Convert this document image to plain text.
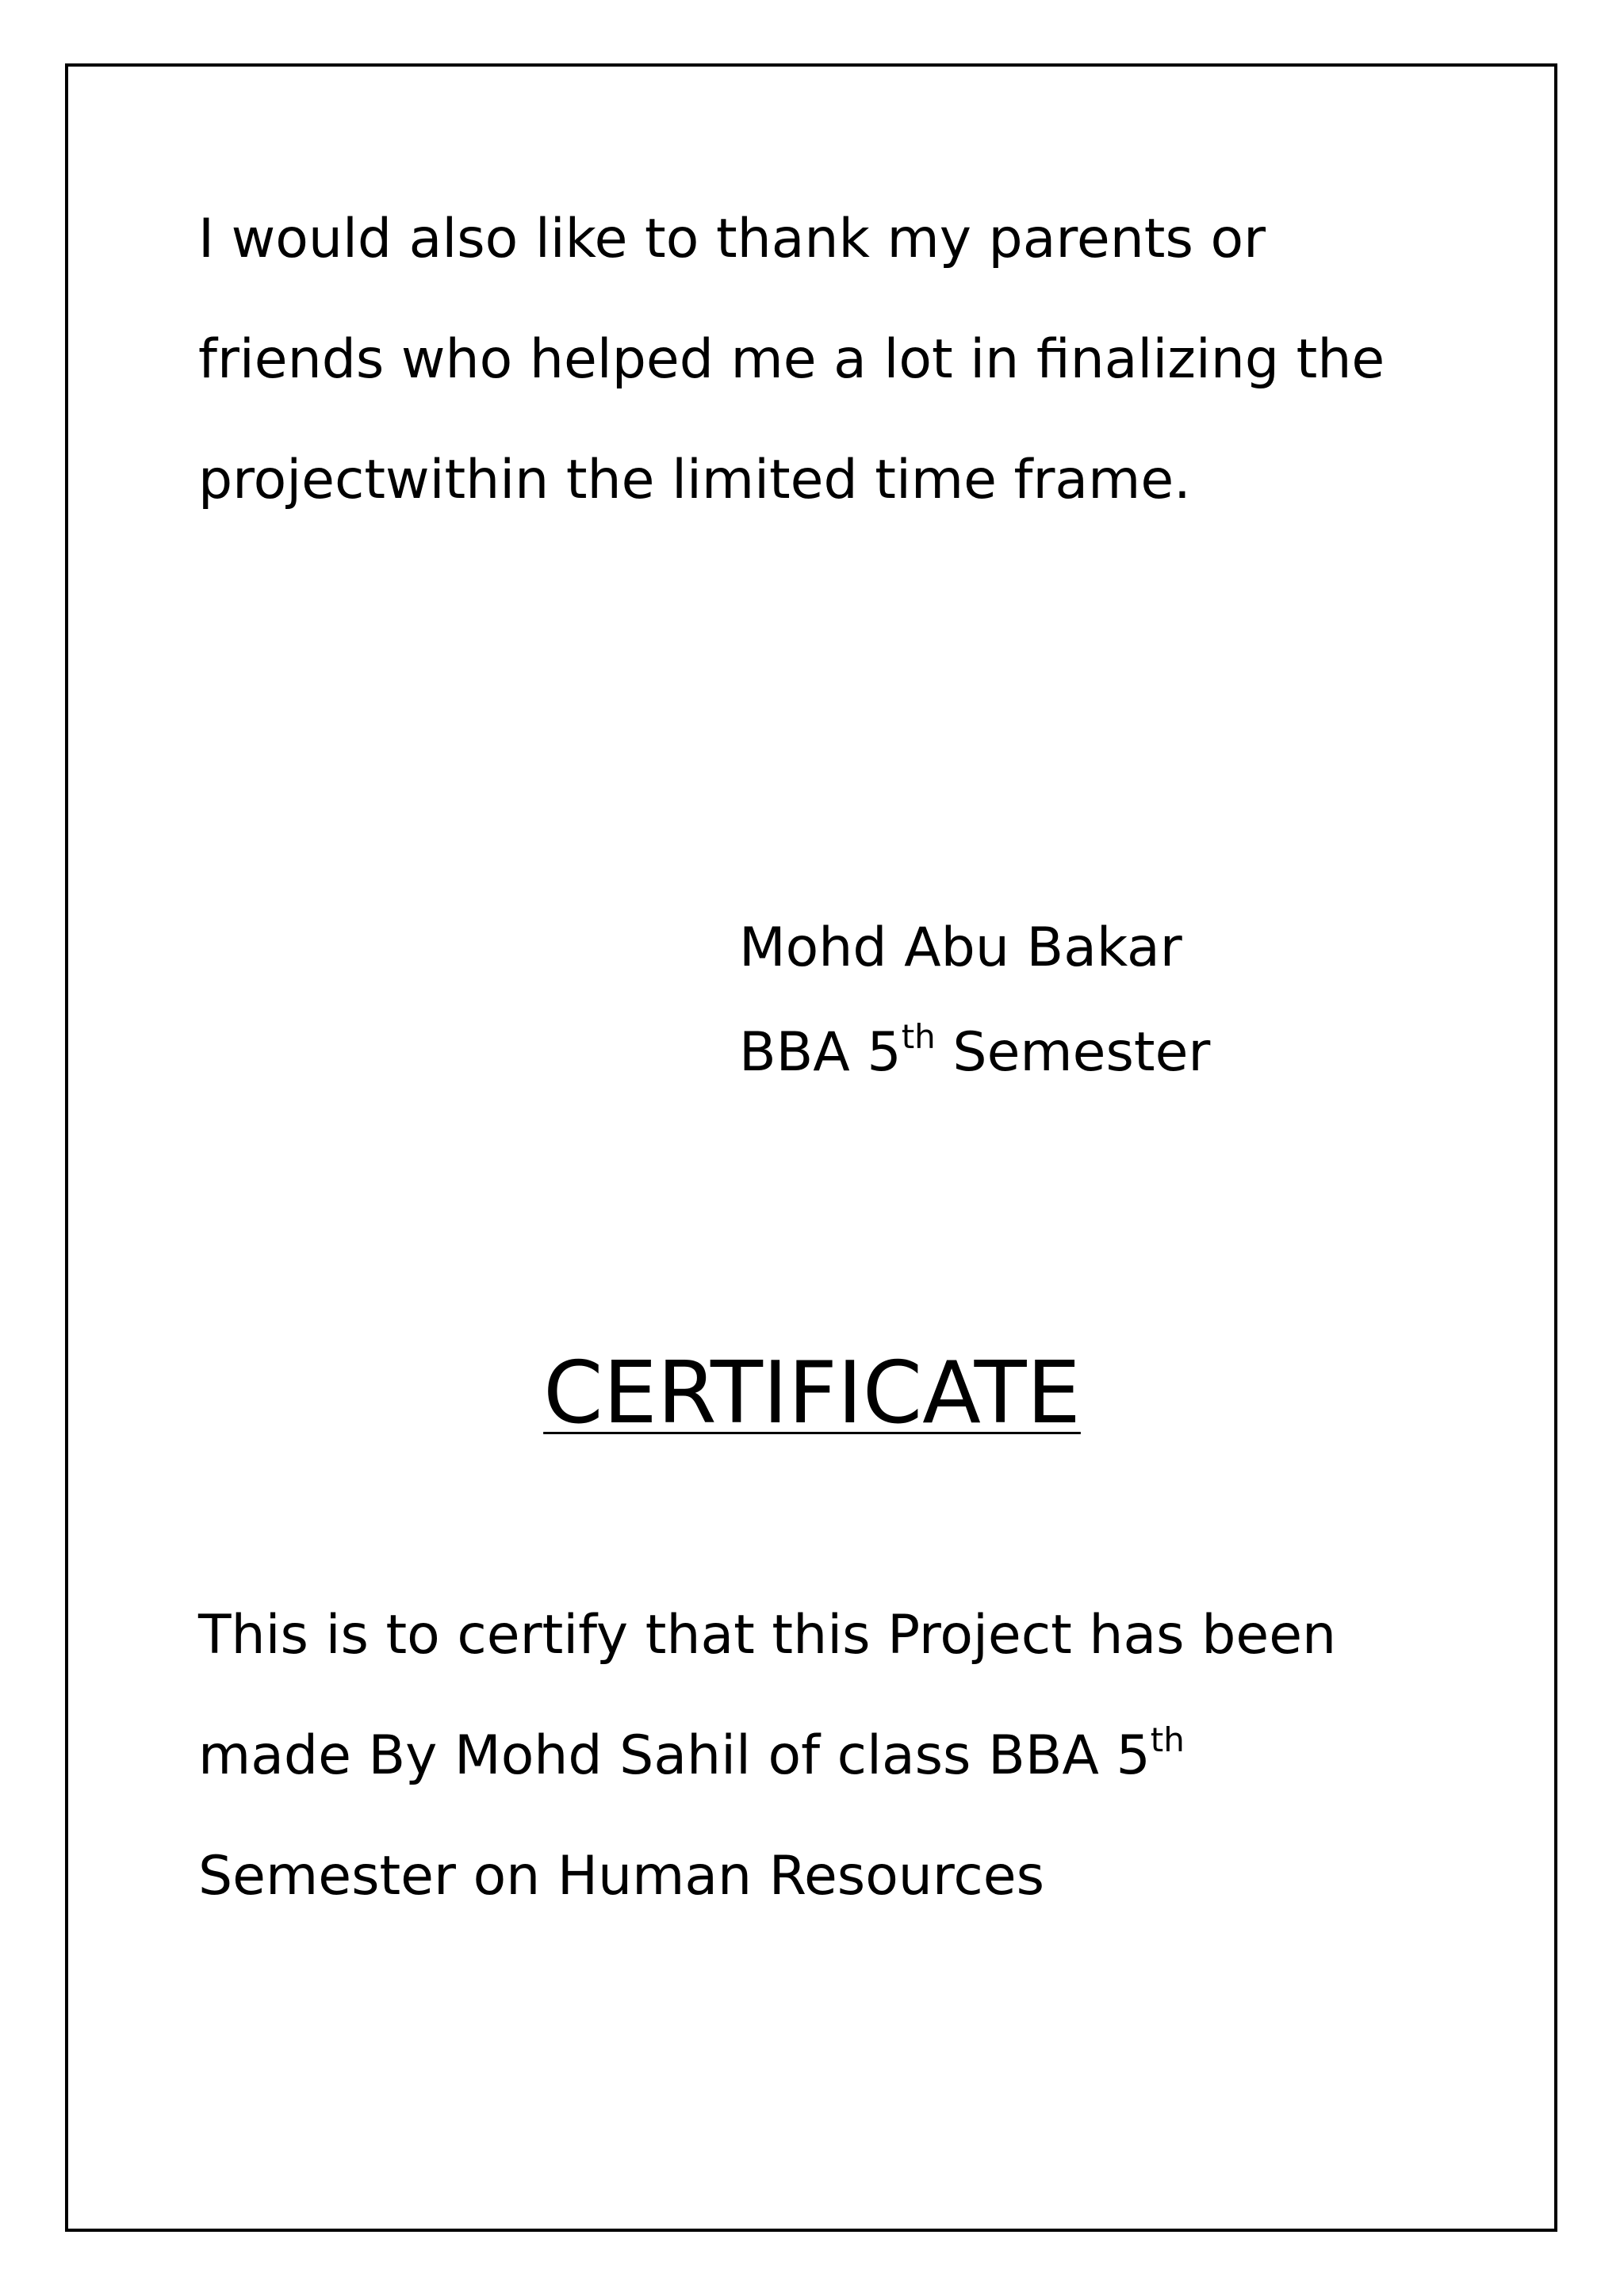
I would also like to thank my parents or
friends who helped me a lot in finalizing the
projectwithin the limited time frame.

Mohd Abu Bakar
BBA 5th Semester
CERTIFICATE

This is to certify that this Project has been
made By Mohd Sahil of class BBA 5th
Semester on Human Resources
